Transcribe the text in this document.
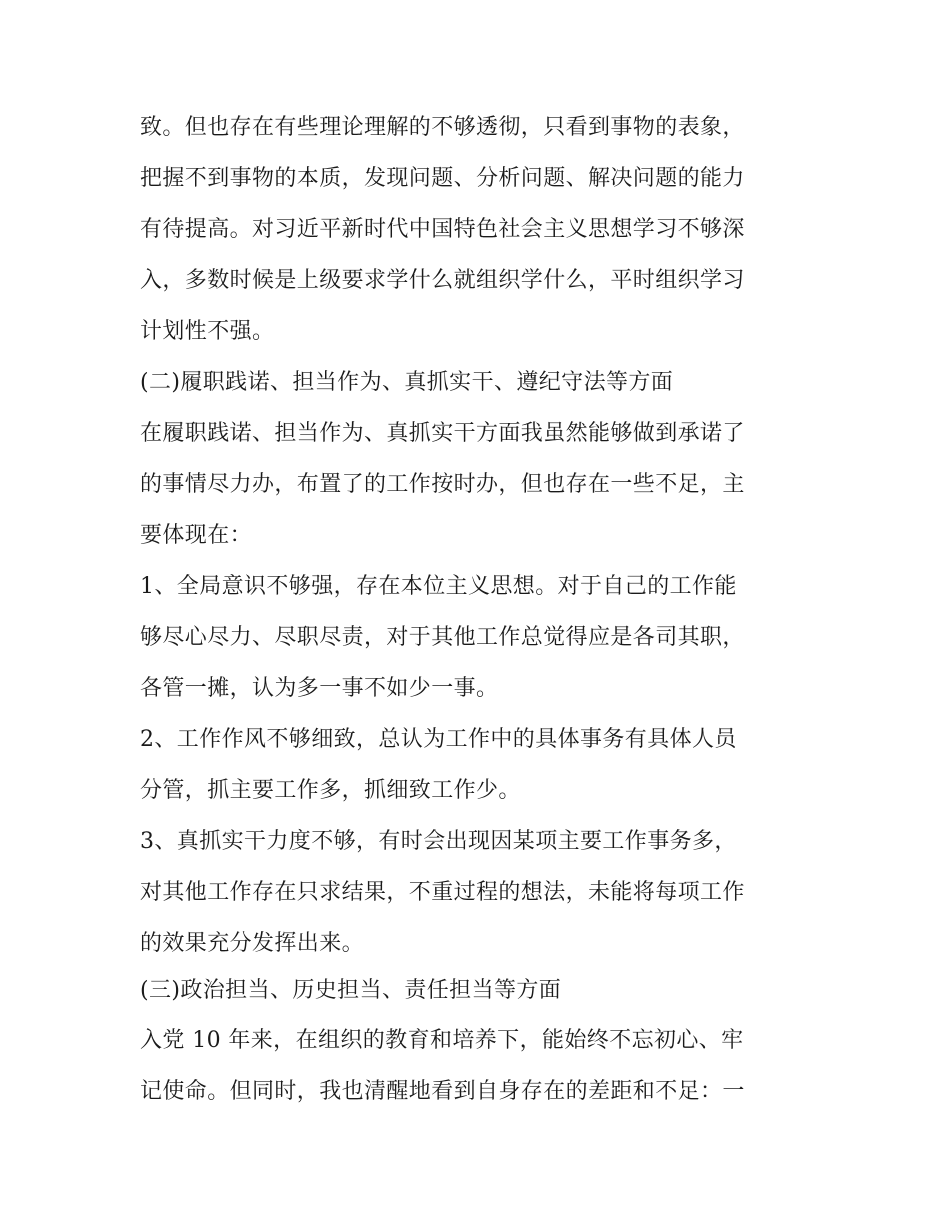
致。但也存在有些理论理解的不够透彻，只看到事物的表象，
把握不到事物的本质，发现问题、分析问题、解决问题的能力
有待提高。对习近平新时代中国特色社会主义思想学习不够深
入，多数时候是上级要求学什么就组织学什么，平时组织学习
计划性不强。
(二)履职践诺、担当作为、真抓实干、遵纪守法等方面
在履职践诺、担当作为、真抓实干方面我虽然能够做到承诺了
的事情尽力办，布置了的工作按时办，但也存在一些不足，主
要体现在：
1、全局意识不够强，存在本位主义思想。对于自己的工作能
够尽心尽力、尽职尽责，对于其他工作总觉得应是各司其职，
各管一摊，认为多一事不如少一事。
2、工作作风不够细致，总认为工作中的具体事务有具体人员
分管，抓主要工作多，抓细致工作少。
3、真抓实干力度不够，有时会出现因某项主要工作事务多，
对其他工作存在只求结果，不重过程的想法，未能将每项工作
的效果充分发挥出来。
(三)政治担当、历史担当、责任担当等方面
入党 10 年来，在组织的教育和培养下，能始终不忘初心、牢
记使命。但同时，我也清醒地看到自身存在的差距和不足：一
